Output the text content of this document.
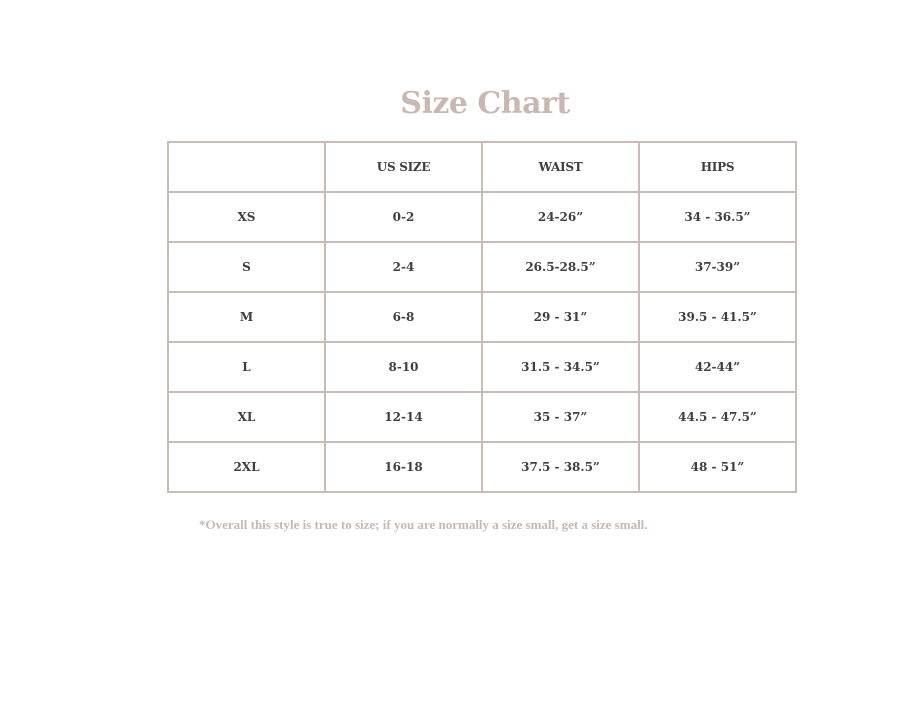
Size Chart
	US SIZE	WAIST	HIPS
XS	0-2	24-26”	34 - 36.5”
S	2-4	26.5-28.5”	37-39”
M	6-8	29 - 31”	39.5 - 41.5”
L	8-10	31.5 - 34.5”	42-44”
XL	12-14	35 - 37”	44.5 - 47.5”
2XL	16-18	37.5 - 38.5”	48 - 51”
*Overall this style is true to size; if you are normally a size small, get a size small.
